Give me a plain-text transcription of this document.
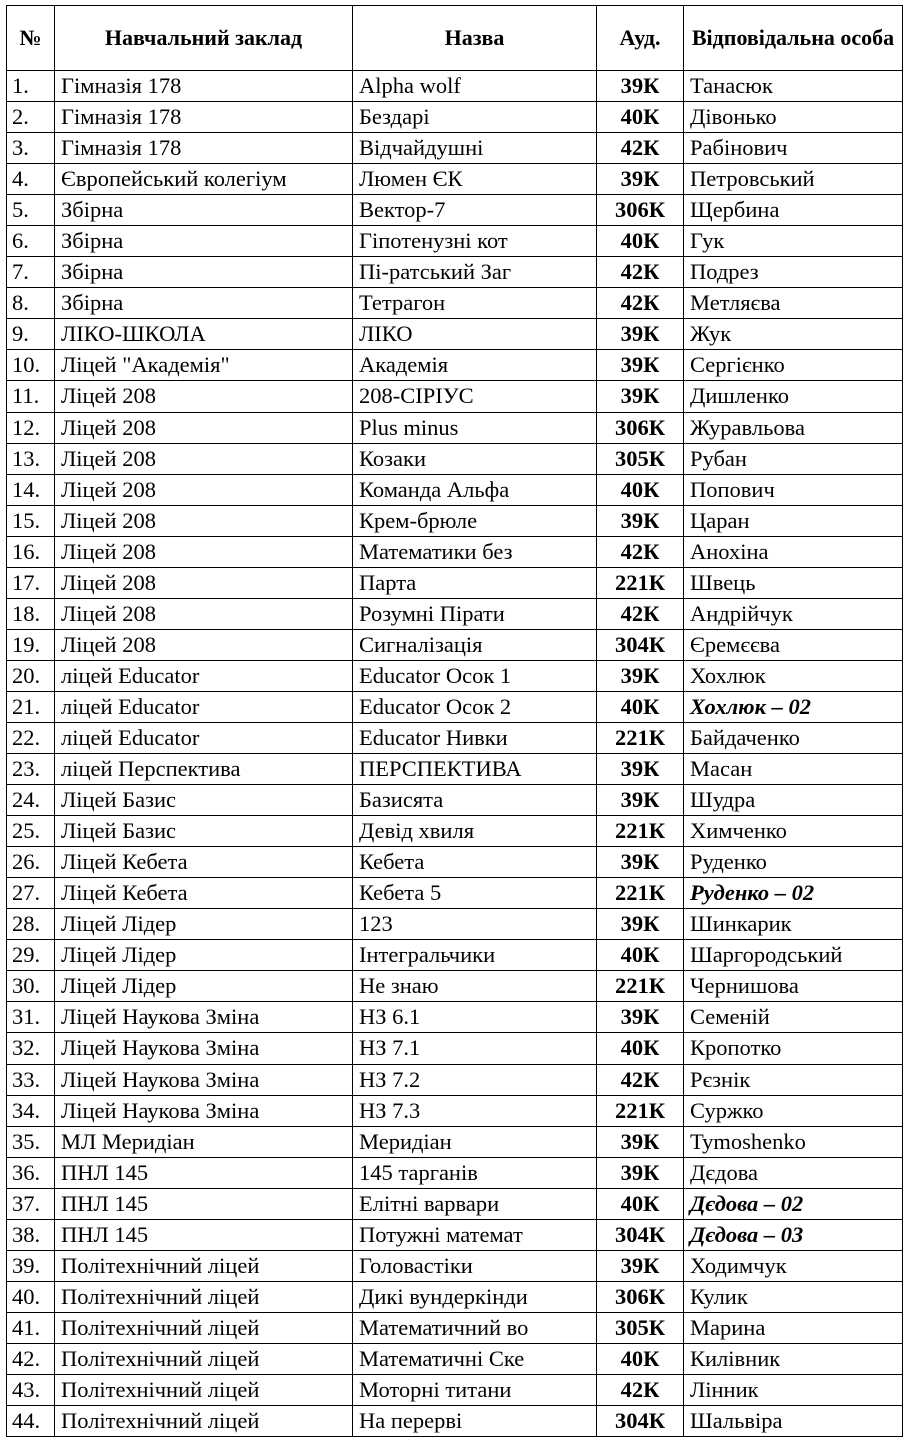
№	Навчальний заклад	Назва	Ауд.	Відповідальна особа
1.	Гімназія 178	Alpha wolf	39К	Танасюк
2.	Гімназія 178	Бездарі	40К	Дівонько
3.	Гімназія 178	Відчайдушні	42К	Рабінович
4.	Європейський колегіум	Люмен ЄК	39К	Петровський
5.	Збірна	Вектор-7	306К	Щербина
6.	Збірна	Гіпотенузні кот	40К	Гук
7.	Збірна	Пі-ратський Заг	42К	Подрез
8.	Збірна	Тетрагон	42К	Метляєва
9.	ЛІКО-ШКОЛА	ЛІКО	39К	Жук
10.	Ліцей "Академія"	Академія	39К	Сергієнко
11.	Ліцей 208	208-СІРІУС	39К	Дишленко
12.	Ліцей 208	Plus minus	306К	Журавльова
13.	Ліцей 208	Козаки	305К	Рубан
14.	Ліцей 208	Команда Альфа	40К	Попович
15.	Ліцей 208	Крем-брюле	39К	Царан
16.	Ліцей 208	Математики без	42К	Анохіна
17.	Ліцей 208	Парта	221К	Швець
18.	Ліцей 208	Розумні Пірати	42К	Андрійчук
19.	Ліцей 208	Сигналізація	304К	Єремєєва
20.	ліцей Educator	Educator Осок 1	39К	Хохлюк
21.	ліцей Educator	Educator Осок 2	40К	Хохлюк – 02
22.	ліцей Educator	Educator Нивки	221К	Байдаченко
23.	ліцей Перспектива	ПЕРСПЕКТИВА	39К	Масан
24.	Ліцей Базис	Базисята	39К	Шудра
25.	Ліцей Базис	Девід хвиля	221К	Химченко
26.	Ліцей Кебета	Кебета	39К	Руденко
27.	Ліцей Кебета	Кебета 5	221К	Руденко – 02
28.	Ліцей Лідер	123	39К	Шинкарик
29.	Ліцей Лідер	Інтегральчики	40К	Шаргородський
30.	Ліцей Лідер	Не знаю	221К	Чернишова
31.	Ліцей Наукова Зміна	НЗ 6.1	39К	Семеній
32.	Ліцей Наукова Зміна	НЗ 7.1	40К	Кропотко
33.	Ліцей Наукова Зміна	НЗ 7.2	42К	Рєзнік
34.	Ліцей Наукова Зміна	НЗ 7.3	221К	Суржко
35.	МЛ Меридіан	Меридіан	39К	Tymoshenko
36.	ПНЛ 145	145 тарганів	39К	Дєдова
37.	ПНЛ 145	Елітні варвари	40К	Дєдова – 02
38.	ПНЛ 145	Потужні математ	304К	Дєдова – 03
39.	Політехнічний ліцей	Головастіки	39К	Ходимчук
40.	Політехнічний ліцей	Дикі вундеркінди	306К	Кулик
41.	Політехнічний ліцей	Математичний во	305К	Марина
42.	Політехнічний ліцей	Математичні Ске	40К	Килівник
43.	Політехнічний ліцей	Моторні титани	42К	Лінник
44.	Політехнічний ліцей	На перерві	304К	Шальвіра
